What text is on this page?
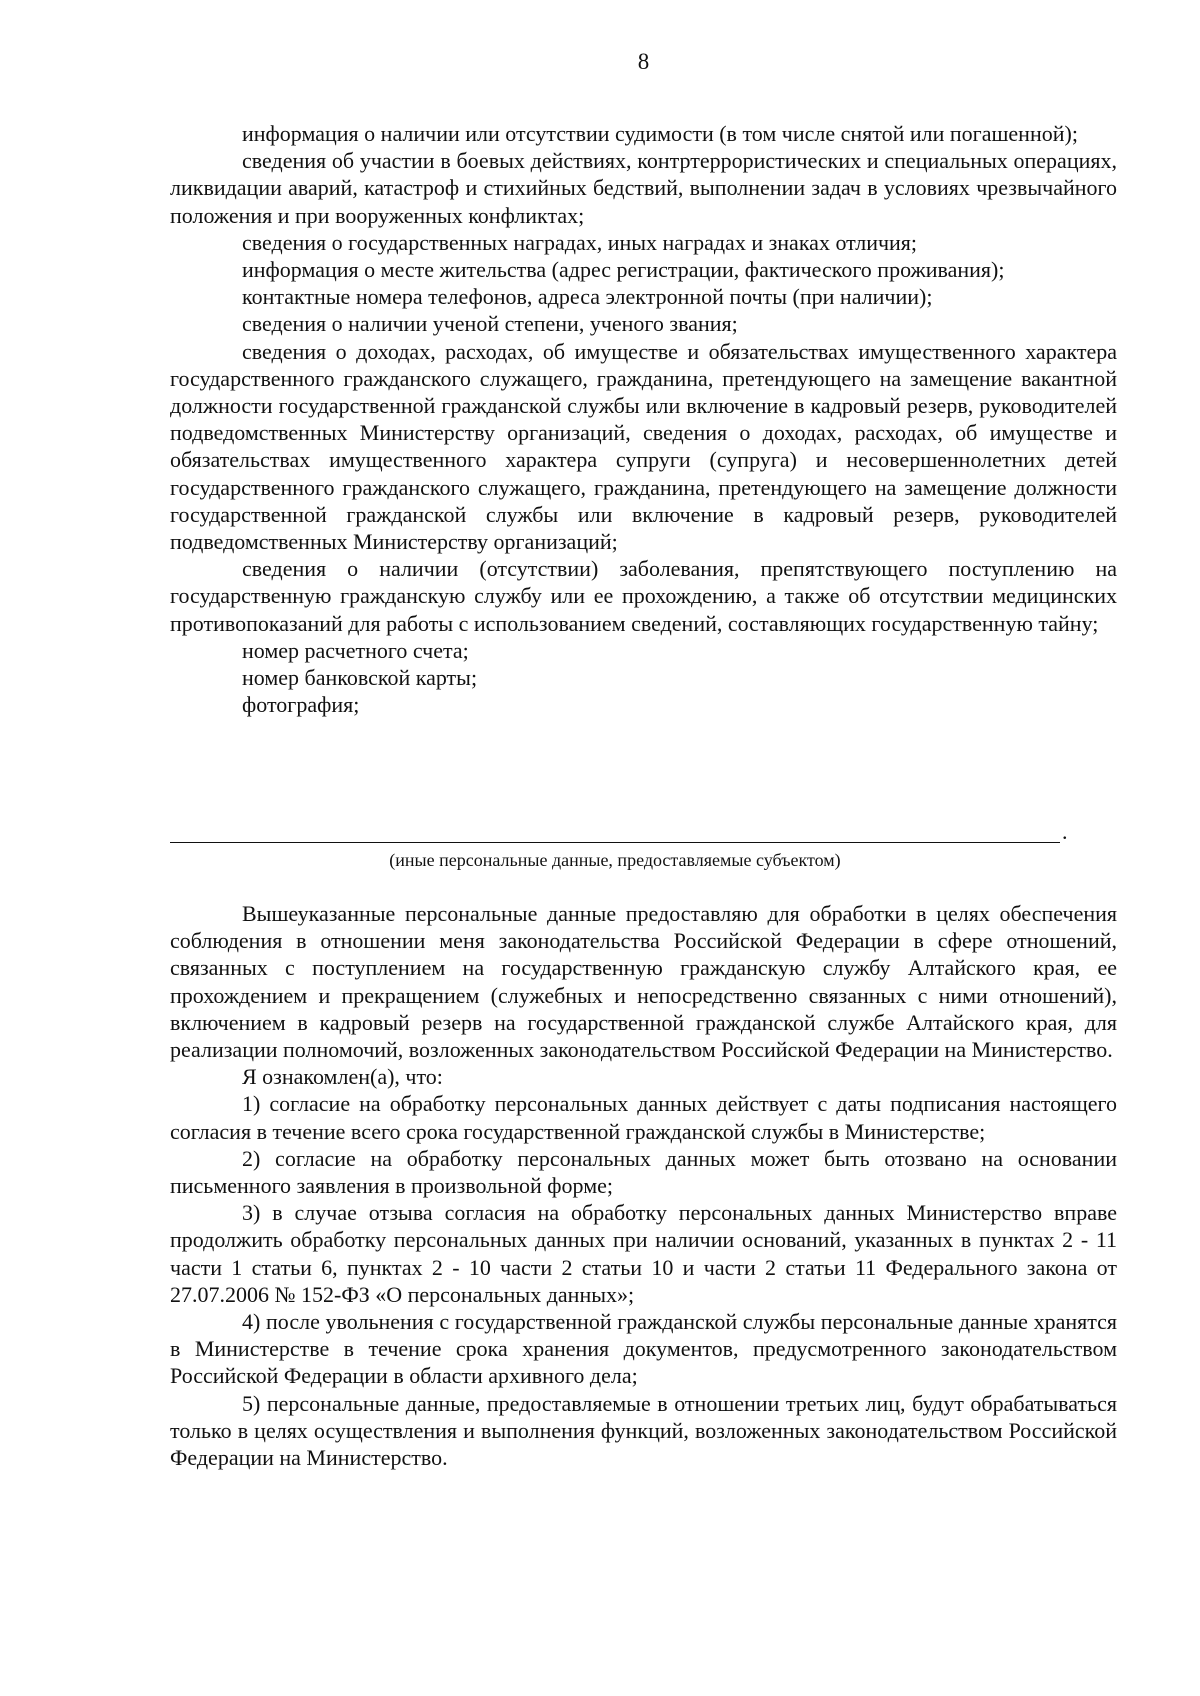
8

информация о наличии или отсутствии судимости (в том числе снятой или погашенной);

сведения об участии в боевых действиях, контртеррористических и специальных операциях, ликвидации аварий, катастроф и стихийных бедствий, выполнении задач в условиях чрезвычайного положения и при вооруженных конфликтах;

сведения о государственных наградах, иных наградах и знаках отличия;

информация о месте жительства (адрес регистрации, фактического проживания);

контактные номера телефонов, адреса электронной почты (при наличии);

сведения о наличии ученой степени, ученого звания;

сведения о доходах, расходах, об имуществе и обязательствах имущественного характера государственного гражданского служащего, гражданина, претендующего на замещение вакантной должности государственной гражданской службы или включение в кадровый резерв, руководителей подведомственных Министерству организаций, сведения о доходах, расходах, об имуществе и обязательствах имущественного характера супруги (супруга) и несовершеннолетних детей государственного гражданского служащего, гражданина, претендующего на замещение должности государственной гражданской службы или включение в кадровый резерв, руководителей подведомственных Министерству организаций;

сведения о наличии (отсутствии) заболевания, препятствующего поступлению на государственную гражданскую службу или ее прохождению, а также об отсутствии медицинских противопоказаний для работы с использованием сведений, составляющих государственную тайну;

номер расчетного счета;

номер банковской карты;

фотография;

.
(иные персональные данные, предоставляемые субъектом)

Вышеуказанные персональные данные предоставляю для обработки в целях обеспечения соблюдения в отношении меня законодательства Российской Федерации в сфере отношений, связанных с поступлением на государственную гражданскую службу Алтайского края, ее прохождением и прекращением (служебных и непосредственно связанных с ними отношений), включением в кадровый резерв на государственной гражданской службе Алтайского края, для реализации полномочий, возложенных законодательством Российской Федерации на Министерство.

Я ознакомлен(а), что:

1) согласие на обработку персональных данных действует с даты подписания настоящего согласия в течение всего срока государственной гражданской службы в Министерстве;

2) согласие на обработку персональных данных может быть отозвано на основании письменного заявления в произвольной форме;

3) в случае отзыва согласия на обработку персональных данных Министерство вправе продолжить обработку персональных данных при наличии оснований, указанных в пунктах 2 - 11 части 1 статьи 6, пунктах 2 - 10 части 2 статьи 10 и части 2 статьи 11 Федерального закона от 27.07.2006 № 152-ФЗ «О персональных данных»;

4) после увольнения с государственной гражданской службы персональные данные хранятся в Министерстве в течение срока хранения документов, предусмотренного законодательством Российской Федерации в области архивного дела;

5) персональные данные, предоставляемые в отношении третьих лиц, будут обрабатываться только в целях осуществления и выполнения функций, возложенных законодательством Российской Федерации на Министерство.
